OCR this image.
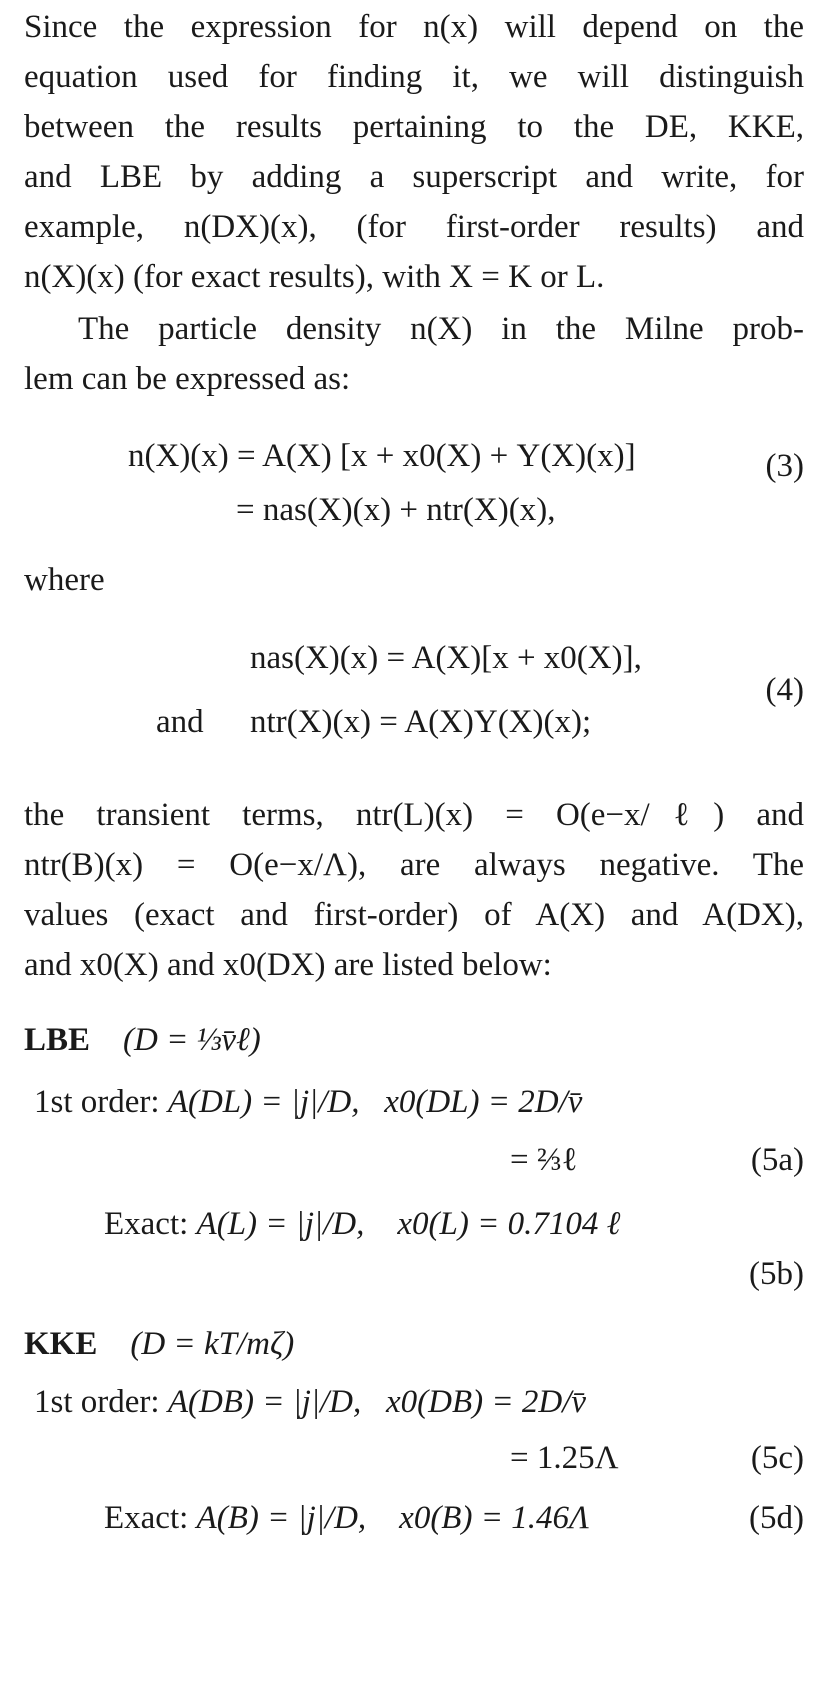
Since the expression for n(x) will depend on the
equation used for finding it, we will distinguish
between the results pertaining to the DE, KKE,
and LBE by adding a superscript and write, for
example, n(DX)(x), (for first-order results) and
n(X)(x) (for exact results), with X = K or L.
The particle density n(X) in the Milne prob-
lem can be expressed as:
n(X)(x) = A(X) [x + x0(X) + Υ(X)(x)]
= nas(X)(x) + ntr(X)(x),
(3)
where
nas(X)(x) = A(X)[x + x0(X)],
and ntr(X)(x) = A(X)Υ(X)(x);
(4)
the transient terms, ntr(L)(x) = O(e−x/ℓ) and
ntr(B)(x) = O(e−x/Λ), are always negative. The
values (exact and first-order) of A(X) and A(DX),
and x0(X) and x0(DX) are listed below:
LBE (D = ⅓v̄ℓ)
1st order: A(DL) = |j|/D, x0(DL) = 2D/v̄
= ⅔ℓ	(5a)
Exact: A(L) = |j|/D, x0(L) = 0.7104 ℓ
(5b)
KKE (D = kT/mζ)
1st order: A(DB) = |j|/D, x0(DB) = 2D/v̄
= 1.25Λ	(5c)
Exact: A(B) = |j|/D, x0(B) = 1.46Λ	(5d)
